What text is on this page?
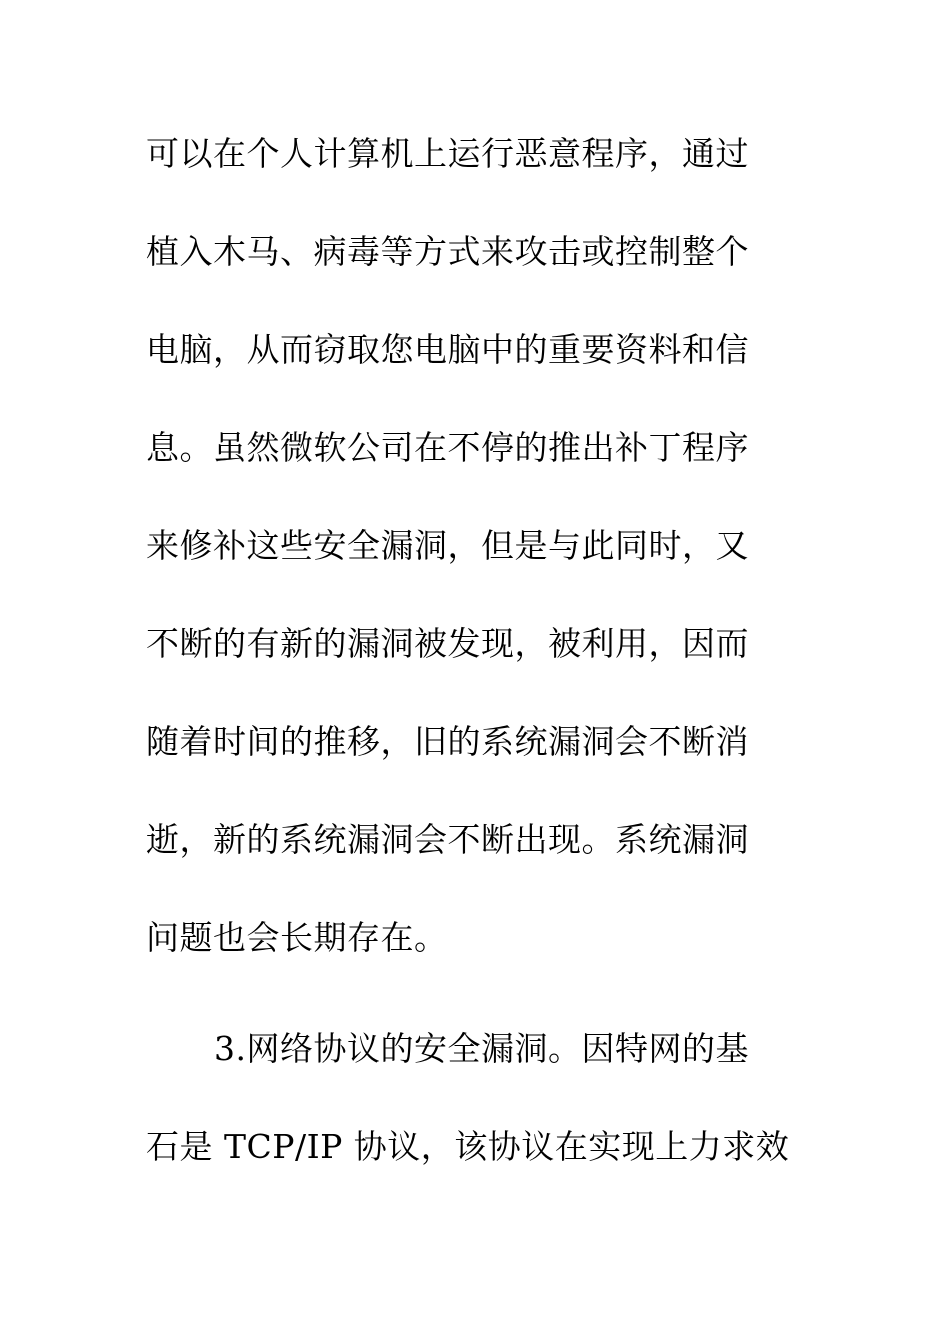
可以在个人计算机上运行恶意程序，通过
植入木马、病毒等方式来攻击或控制整个
电脑，从而窃取您电脑中的重要资料和信
息。虽然微软公司在不停的推出补丁程序
来修补这些安全漏洞，但是与此同时，又
不断的有新的漏洞被发现，被利用，因而
随着时间的推移，旧的系统漏洞会不断消
逝，新的系统漏洞会不断出现。系统漏洞
问题也会长期存在。
3.网络协议的安全漏洞。因特网的基
石是 TCP/IP 协议，该协议在实现上力求效
